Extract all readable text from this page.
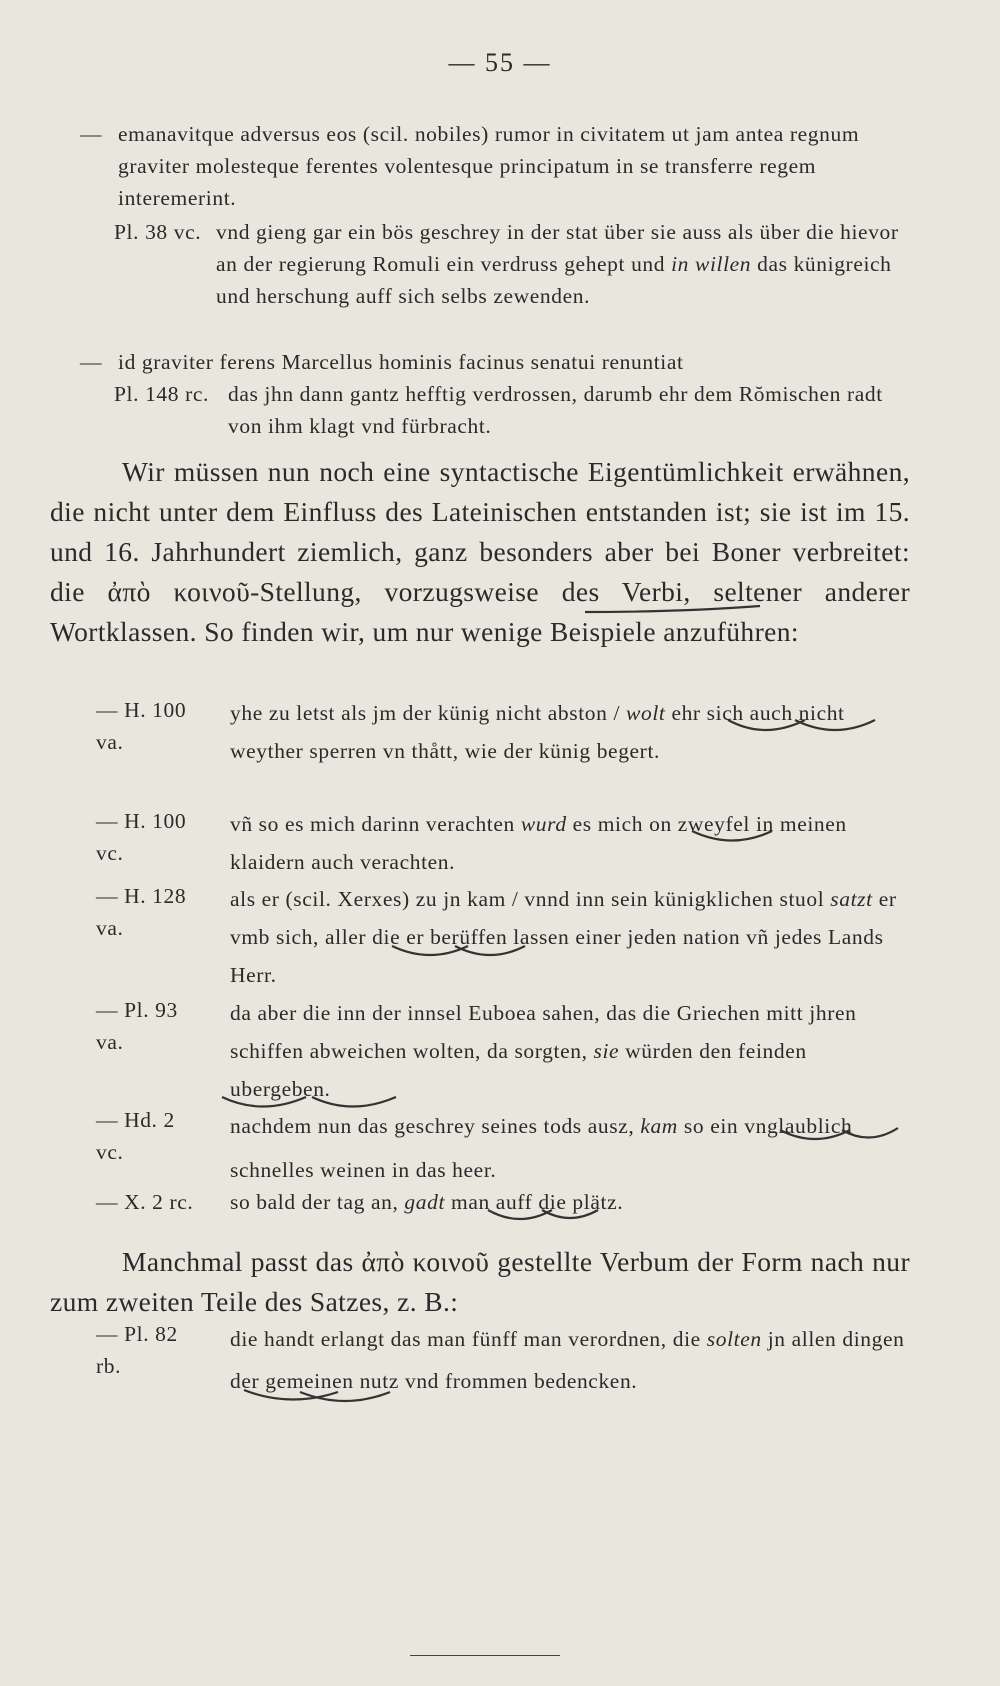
— 55 —
— emanavitque adversus eos (scil. nobiles) rumor in civitatem ut jam antea regnum graviter molesteque ferentes volentesque principatum in se transferre regem interemerint.
Pl. 38 vc. vnd gieng gar ein bös geschrey in der stat über sie auss als über die hievor an der regierung Romuli ein verdruss gehept und in willen das künigreich und herschung auff sich selbs zewenden.
— id graviter ferens Marcellus hominis facinus senatui renuntiat
Pl. 148 rc. das jhn dann gantz hefftig verdrossen, darumb ehr dem Rŏmischen radt von ihm klagt vnd fürbracht.

Wir müssen nun noch eine syntactische Eigentümlichkeit erwähnen, die nicht unter dem Einfluss des Lateinischen entstanden ist; sie ist im 15. und 16. Jahrhundert ziemlich, ganz besonders aber bei Boner verbreitet: die ἀπὸ κοινοῦ-Stellung, vorzugsweise des Verbi, seltener anderer Wortklassen. So finden wir, um nur wenige Beispiele anzuführen:

— H. 100 va.
yhe zu letst als jm der künig nicht abston / wolt ehr sich auch nicht weyther sperren vn thått, wie der künig begert.
— H. 100 vc.
vñ so es mich darinn verachten wurd es mich on zweyfel in meinen klaidern auch verachten.
— H. 128 va.
als er (scil. Xerxes) zu jn kam / vnnd inn sein künigklichen stuol satzt er vmb sich, aller die er berüffen lassen einer jeden nation vñ jedes Lands Herr.
— Pl. 93 va.
da aber die inn der innsel Euboea sahen, das die Griechen mitt jhren schiffen abweichen wolten, da sorgten, sie würden den feinden ubergeben.
— Hd. 2 vc.
nachdem nun das geschrey seines tods ausz, kam so ein vnglaublich schnelles weinen in das heer.
— X. 2 rc. so bald der tag an, gadt man auff die plätz.

Manchmal passt das ἀπὸ κοινοῦ gestellte Verbum der Form nach nur zum zweiten Teile des Satzes, z. B.:

— Pl. 82 rb.
die handt erlangt das man fünff man verordnen, die solten jn allen dingen der gemeinen nutz vnd frommen bedencken.
